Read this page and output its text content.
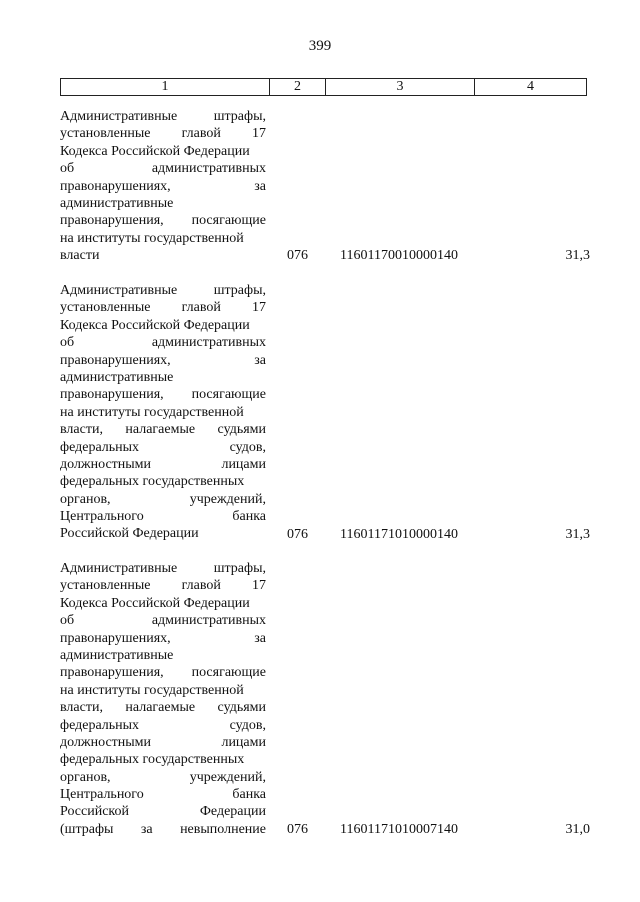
399
1	2	3	4
Административные	штрафы,
установленные главой 17
Кодекса Российской Федерации
об	административных
правонарушениях,	за
административные
правонарушения, посягающие
на институты государственной
власти	076 11601170010000140	31,3
Административные	штрафы,
установленные главой 17
Кодекса Российской Федерации
об	административных
правонарушениях,	за
административные
правонарушения, посягающие
на институты государственной
власти, налагаемые судьями
федеральных	судов,
должностными	лицами
федеральных государственных
органов,	учреждений,
Центрального	банка
Российской Федерации	076 11601171010000140	31,3
Административные	штрафы,
установленные главой 17
Кодекса Российской Федерации
об	административных
правонарушениях,	за
административные
правонарушения, посягающие
на институты государственной
власти, налагаемые судьями
федеральных	судов,
должностными	лицами
федеральных государственных
органов,	учреждений,
Центрального	банка
Российской	Федерации
(штрафы за невыполнение 076 11601171010007140	31,0
